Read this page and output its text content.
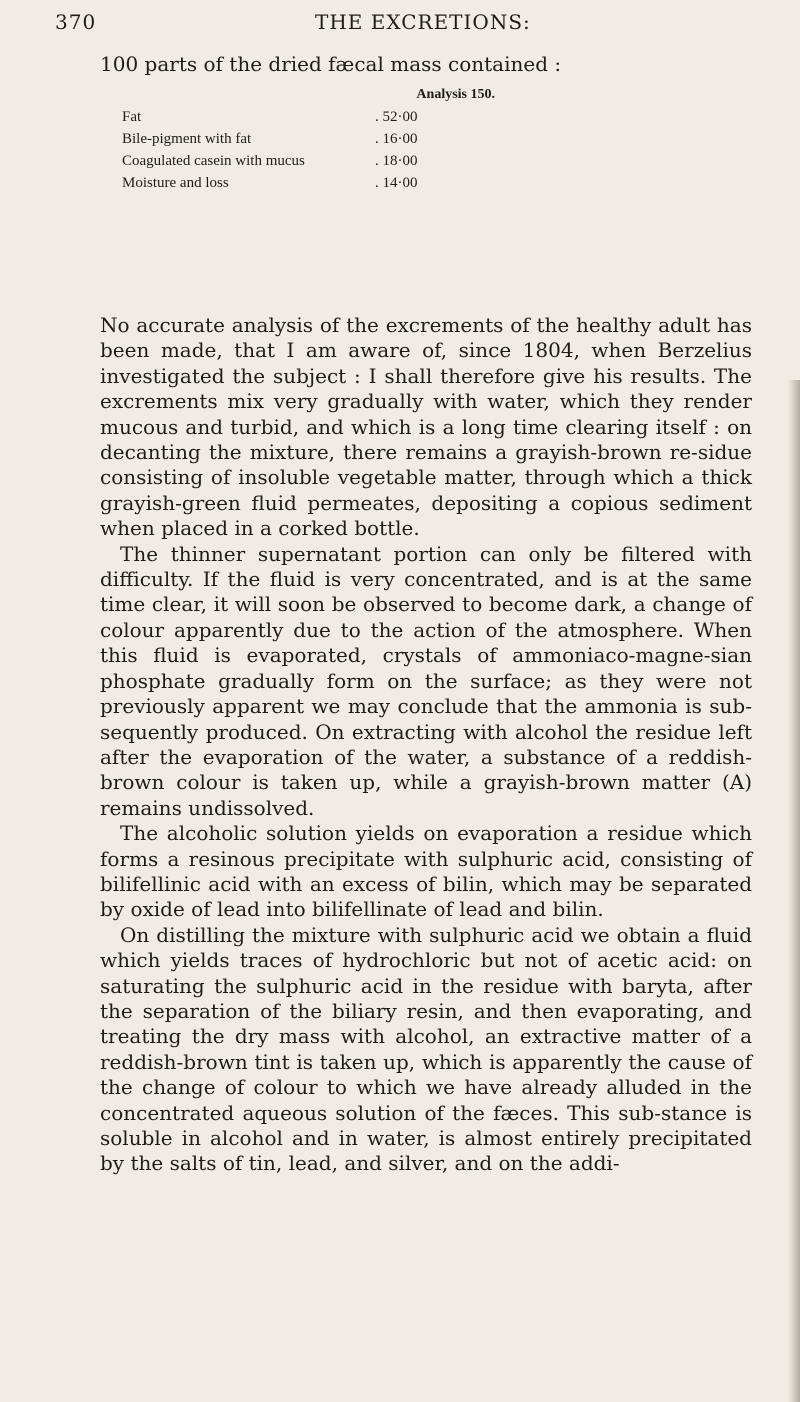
370	THE EXCRETIONS:

100 parts of the dried fæcal mass contained :

	Analysis 150.
Fat	. 52·00
Bile-pigment with fat	. 16·00
Coagulated casein with mucus	. 18·00
Moisture and loss	. 14·00

No accurate analysis of the excrements of the healthy adult has been made, that I am aware of, since 1804, when Berzelius investigated the subject : I shall therefore give his results. The excrements mix very gradually with water, which they render mucous and turbid, and which is a long time clearing itself : on decanting the mixture, there remains a grayish-brown re-sidue consisting of insoluble vegetable matter, through which a thick grayish-green fluid permeates, depositing a copious sediment when placed in a corked bottle.

The thinner supernatant portion can only be filtered with difficulty. If the fluid is very concentrated, and is at the same time clear, it will soon be observed to become dark, a change of colour apparently due to the action of the atmosphere. When this fluid is evaporated, crystals of ammoniaco-magne-sian phosphate gradually form on the surface; as they were not previously apparent we may conclude that the ammonia is sub-sequently produced. On extracting with alcohol the residue left after the evaporation of the water, a substance of a reddish-brown colour is taken up, while a grayish-brown matter (A) remains undissolved.

The alcoholic solution yields on evaporation a residue which forms a resinous precipitate with sulphuric acid, consisting of bilifellinic acid with an excess of bilin, which may be separated by oxide of lead into bilifellinate of lead and bilin.

On distilling the mixture with sulphuric acid we obtain a fluid which yields traces of hydrochloric but not of acetic acid: on saturating the sulphuric acid in the residue with baryta, after the separation of the biliary resin, and then evaporating, and treating the dry mass with alcohol, an extractive matter of a reddish-brown tint is taken up, which is apparently the cause of the change of colour to which we have already alluded in the concentrated aqueous solution of the fæces. This sub-stance is soluble in alcohol and in water, is almost entirely precipitated by the salts of tin, lead, and silver, and on the addi-
